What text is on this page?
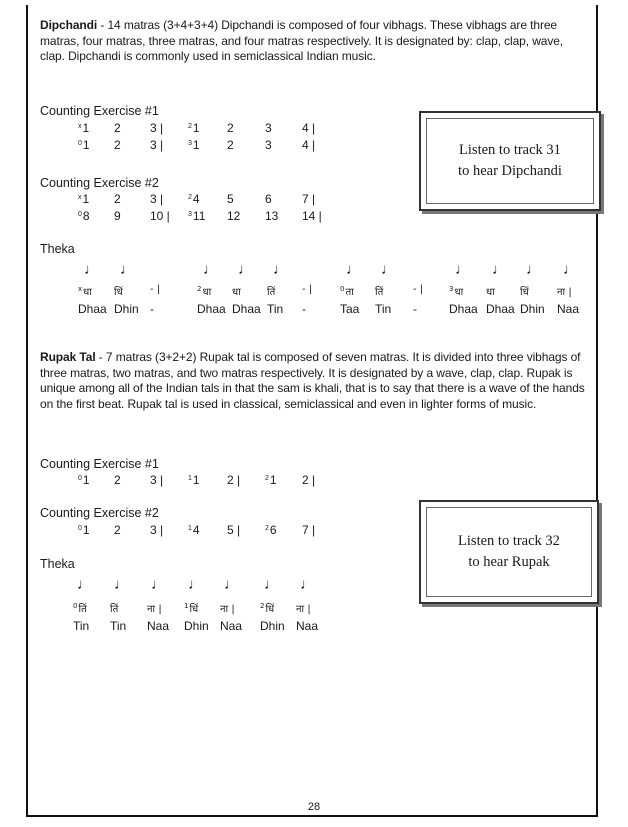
Dipchandi - 14 matras (3+4+3+4) Dipchandi is composed of four vibhags. These vibhags are three matras, four matras, three matras, and four matras respectively. It is designated by: clap, clap, wave, clap. Dipchandi is commonly used in semiclassical Indian music.
Counting Exercise #1
$^x$1 2 3 |	$^2$1 2	3	4 |
$^0$1 2 3 |	$^3$1 2	3	4 |
Counting Exercise #2
$^x$1 2 3 |	$^2$4 5	6	7 |
$^0$8 9 10 |	$^3$11 12 13 14 |
Theka
♩ ♩	♩ ♩ ♩	♩ ♩	♩ ♩ ♩ ♩
$^x$धा धिं	- |	$^2$धा धा	तिं	- |	$^0$ता तिं	- |	$^3$धा धा	धिं	ना |
Dhaa Dhin -	Dhaa Dhaa Tin -	Taa Tin -	Dhaa Dhaa Dhin Naa
Listen to track 31
to hear Dipchandi
Rupak Tal - 7 matras (3+2+2) Rupak tal is composed of seven matras. It is divided into three vibhags of three matras, two matras, and two matras respectively. It is designated by a wave, clap, clap. Rupak is unique among all of the Indian tals in that the sam is khali, that is to say that there is a wave of the hands on the first beat. Rupak tal is used in classical, semiclassical and even in lighter forms of music.
Counting Exercise #1
$^0$1 2 3 |	$^1$1 2 |	$^2$1 2 |
Counting Exercise #2
$^0$1 2 3 |	$^1$4 5 |	$^2$6 7 |
Theka
♩ ♩ ♩ ♩ ♩ ♩ ♩
$^0$तिं तिं	ना |	$^1$धिं ना |	$^2$धिं ना |
Tin Tin Naa Dhin Naa Dhin Naa
Listen to track 32
to hear Rupak
28
